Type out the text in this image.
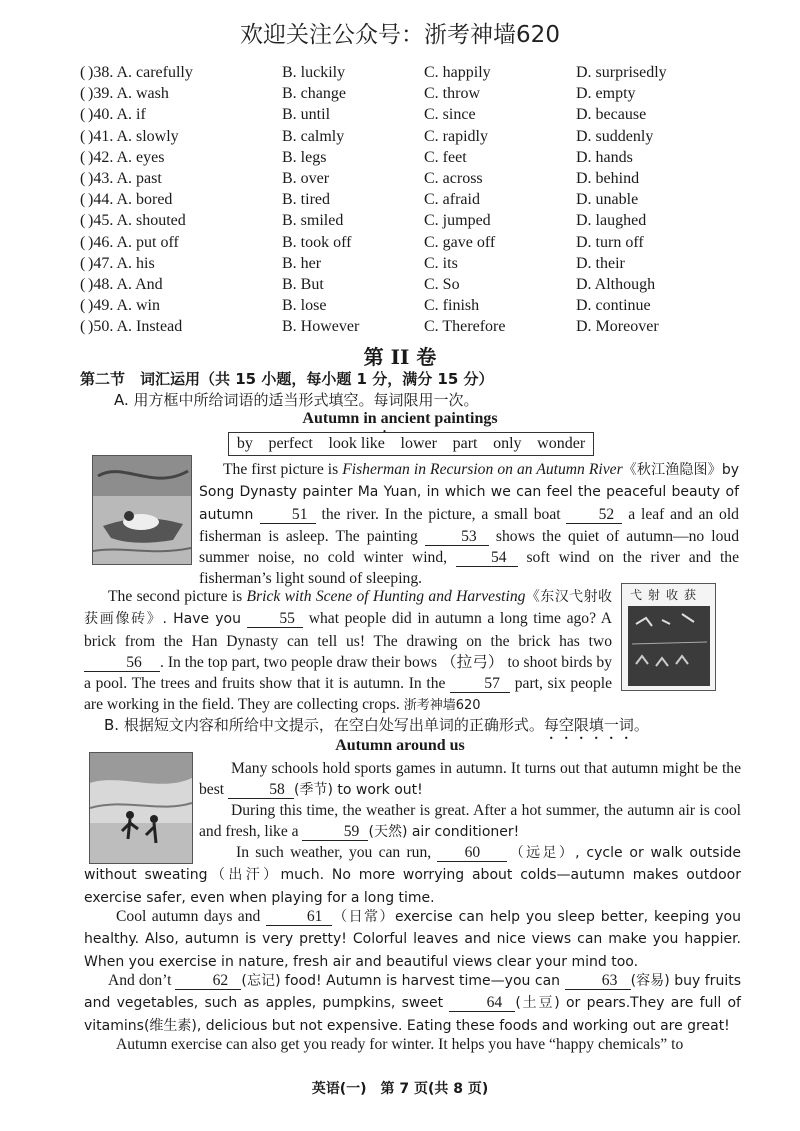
欢迎关注公众号：浙考神墙620
( )38. A. carefully	B. luckily	C. happily	D. surprisedly
( )39. A. wash	B. change	C. throw	D. empty
( )40. A. if	B. until	C. since	D. because
( )41. A. slowly	B. calmly	C. rapidly	D. suddenly
( )42. A. eyes	B. legs	C. feet	D. hands
( )43. A. past	B. over	C. across	D. behind
( )44. A. bored	B. tired	C. afraid	D. unable
( )45. A. shouted	B. smiled	C. jumped	D. laughed
( )46. A. put off	B. took off	C. gave off	D. turn off
( )47. A. his	B. her	C. its	D. their
( )48. A. And	B. But	C. So	D. Although
( )49. A. win	B. lose	C. finish	D. continue
( )50. A. Instead	B. However	C. Therefore	D. Moreover
第 II 卷
第二节　词汇运用（共 15 小题，每小题 1 分，满分 15 分）
A. 用方框中所给词语的适当形式填空。每词限用一次。
Autumn in ancient paintings
by perfect look like lower part only wonder
The first picture is Fisherman in Recursion on an Autumn River《秋江渔隐图》by Song Dynasty painter Ma Yuan, in which we can feel the peaceful beauty of autumn 51 the river. In the picture, a small boat 52 a leaf and an old fisherman is asleep. The painting 53 shows the quiet of autumn—no loud summer noise, no cold winter wind, 54 soft wind on the river and the fisherman’s light sound of sleeping.
弋射收获
The second picture is Brick with Scene of Hunting and Harvesting《东汉弋射收获画像砖》. Have you 55 what people did in autumn a long time ago? A brick from the Han Dynasty can tell us! The drawing on the brick has two 56 . In the top part, two people draw their bows （拉弓） to shoot birds by a pool. The trees and fruits show that it is autumn. In the 57 part, six people are working in the field. They are collecting crops. 浙考神墙620
B. 根据短文内容和所给中文提示，在空白处写出单词的正确形式。每空限填一词。
Autumn around us
Many schools hold sports games in autumn. It turns out that autumn might be the best	58 (季节) to work out!
During this time, the weather is great. After a hot summer, the autumn air is cool and fresh, like a	59 (天然) air conditioner!
In such weather, you can run, 60 （远足）, cycle or walk outside without sweating（出汗）much. No more worrying about colds—autumn makes outdoor exercise safer, even when playing for a long time.
Cool autumn days and	61 （日常）exercise can help you sleep better, keeping you healthy. Also, autumn is very pretty! Colorful leaves and nice views can make you happier. When you exercise in nature, fresh air and beautiful views clear your mind too.
And don’t 62 (忘记) food! Autumn is harvest time—you can 63 (容易) buy fruits and vegetables, such as apples, pumpkins, sweet 64 (土豆) or pears.They are full of vitamins(维生素), delicious but not expensive. Eating these foods and working out are great!
Autumn exercise can also get you ready for winter. It helps you have “happy chemicals” to
英语(一)　第 7 页(共 8 页)
